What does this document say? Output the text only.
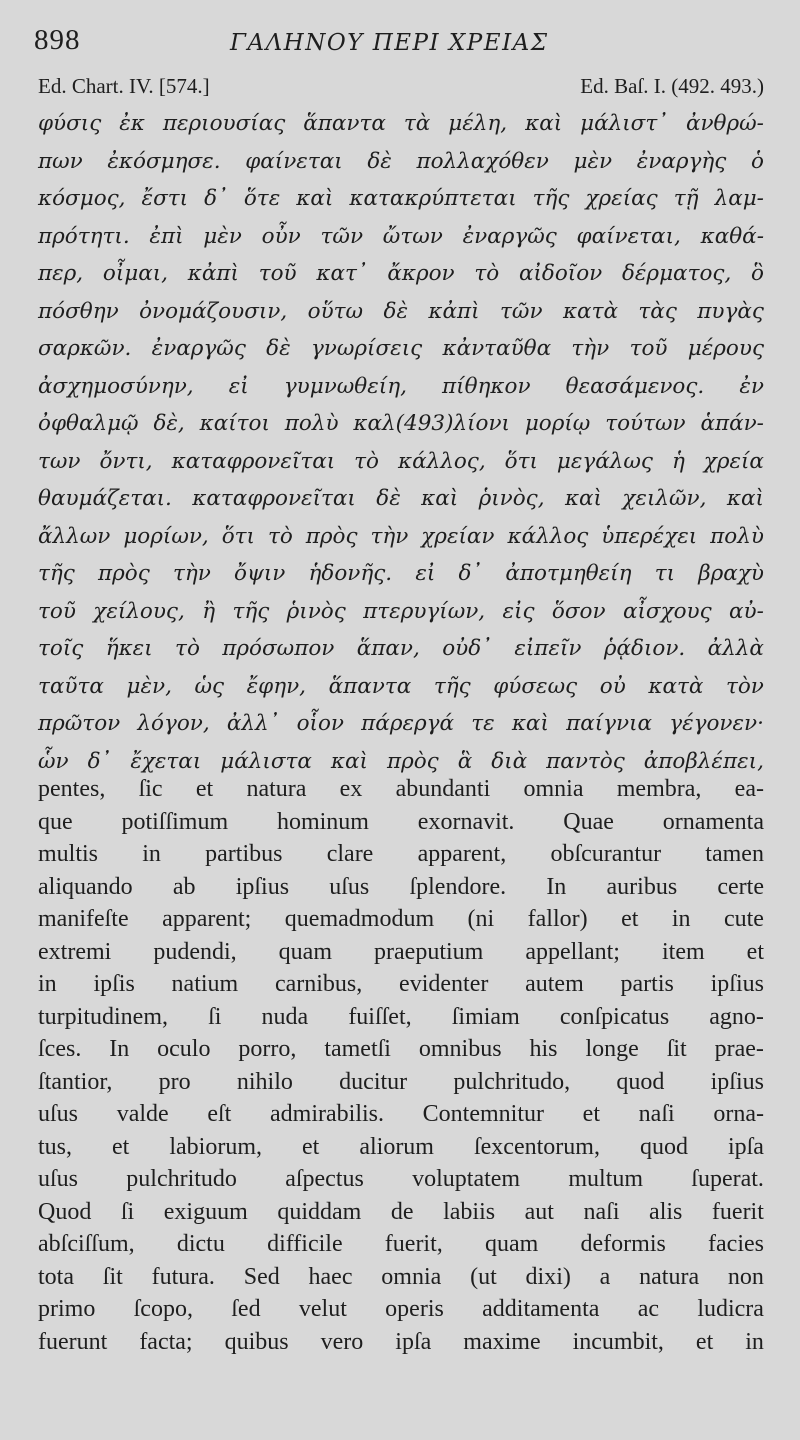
898	ΓΑΛΗΝΟΥ ΠΕΡΙ ΧΡΕΙΑΣ
Ed. Chart. IV. [574.]	Ed. Baſ. I. (492. 493.)
φύσις ἐκ περιουσίας ἅπαντα τὰ μέλη, καὶ μάλιστ᾽ ἀνθρώ-
πων ἐκόσμησε. φαίνεται δὲ πολλαχόθεν μὲν ἐναργὴς ὁ
κόσμος, ἔστι δ᾽ ὅτε καὶ κατακρύπτεται τῆς χρείας τῇ λαμ-
πρότητι. ἐπὶ μὲν οὖν τῶν ὤτων ἐναργῶς φαίνεται, καθά-
περ, οἶμαι, κἀπὶ τοῦ κατ᾽ ἄκρον τὸ αἰδοῖον δέρματος, ὃ
πόσθην ὀνομάζουσιν, οὕτω δὲ κἀπὶ τῶν κατὰ τὰς πυγὰς
σαρκῶν. ἐναργῶς δὲ γνωρίσεις κἀνταῦθα τὴν τοῦ μέρους
ἀσχημοσύνην, εἰ γυμνωθείη, πίθηκον θεασάμενος. ἐν
ὀφθαλμῷ δὲ, καίτοι πολὺ καλ(493)λίονι μορίῳ τούτων ἁπάν-
των ὄντι, καταφρονεῖται τὸ κάλλος, ὅτι μεγάλως ἡ χρεία
θαυμάζεται. καταφρονεῖται δὲ καὶ ῥινὸς, καὶ χειλῶν, καὶ
ἄλλων μορίων, ὅτι τὸ πρὸς τὴν χρείαν κάλλος ὑπερέχει πολὺ
τῆς πρὸς τὴν ὄψιν ἡδονῆς. εἰ δ᾽ ἀποτμηθείη τι βραχὺ
τοῦ χείλους, ἢ τῆς ῥινὸς πτερυγίων, εἰς ὅσον αἶσχους αὐ-
τοῖς ἥκει τὸ πρόσωπον ἅπαν, οὐδ᾽ εἰπεῖν ῥᾴδιον. ἀλλὰ
ταῦτα μὲν, ὡς ἔφην, ἅπαντα τῆς φύσεως οὐ κατὰ τὸν
πρῶτον λόγον, ἀλλ᾽ οἷον πάρεργά τε καὶ παίγνια γέγονεν·
ὧν δ᾽ ἔχεται μάλιστα καὶ πρὸς ἃ διὰ παντὸς ἀποβλέπει,
pentes, ſic et natura ex abundanti omnia membra, ea-
que potiſſimum hominum exornavit. Quae ornamenta
multis in partibus clare apparent, obſcurantur tamen
aliquando ab ipſius uſus ſplendore. In auribus certe
manifeſte apparent; quemadmodum (ni fallor) et in cute
extremi pudendi, quam praeputium appellant; item et
in ipſis natium carnibus, evidenter autem partis ipſius
turpitudinem, ſi nuda fuiſſet, ſimiam conſpicatus agno-
ſces. In oculo porro, tametſi omnibus his longe ſit prae-
ſtantior, pro nihilo ducitur pulchritudo, quod ipſius
uſus valde eſt admirabilis. Contemnitur et naſi orna-
tus, et labiorum, et aliorum ſexcentorum, quod ipſa
uſus pulchritudo aſpectus voluptatem multum ſuperat.
Quod ſi exiguum quiddam de labiis aut naſi alis fuerit
abſciſſum, dictu difficile fuerit, quam deformis facies
tota ſit futura. Sed haec omnia (ut dixi) a natura non
primo ſcopo, ſed velut operis additamenta ac ludicra
fuerunt facta; quibus vero ipſa maxime incumbit, et in
